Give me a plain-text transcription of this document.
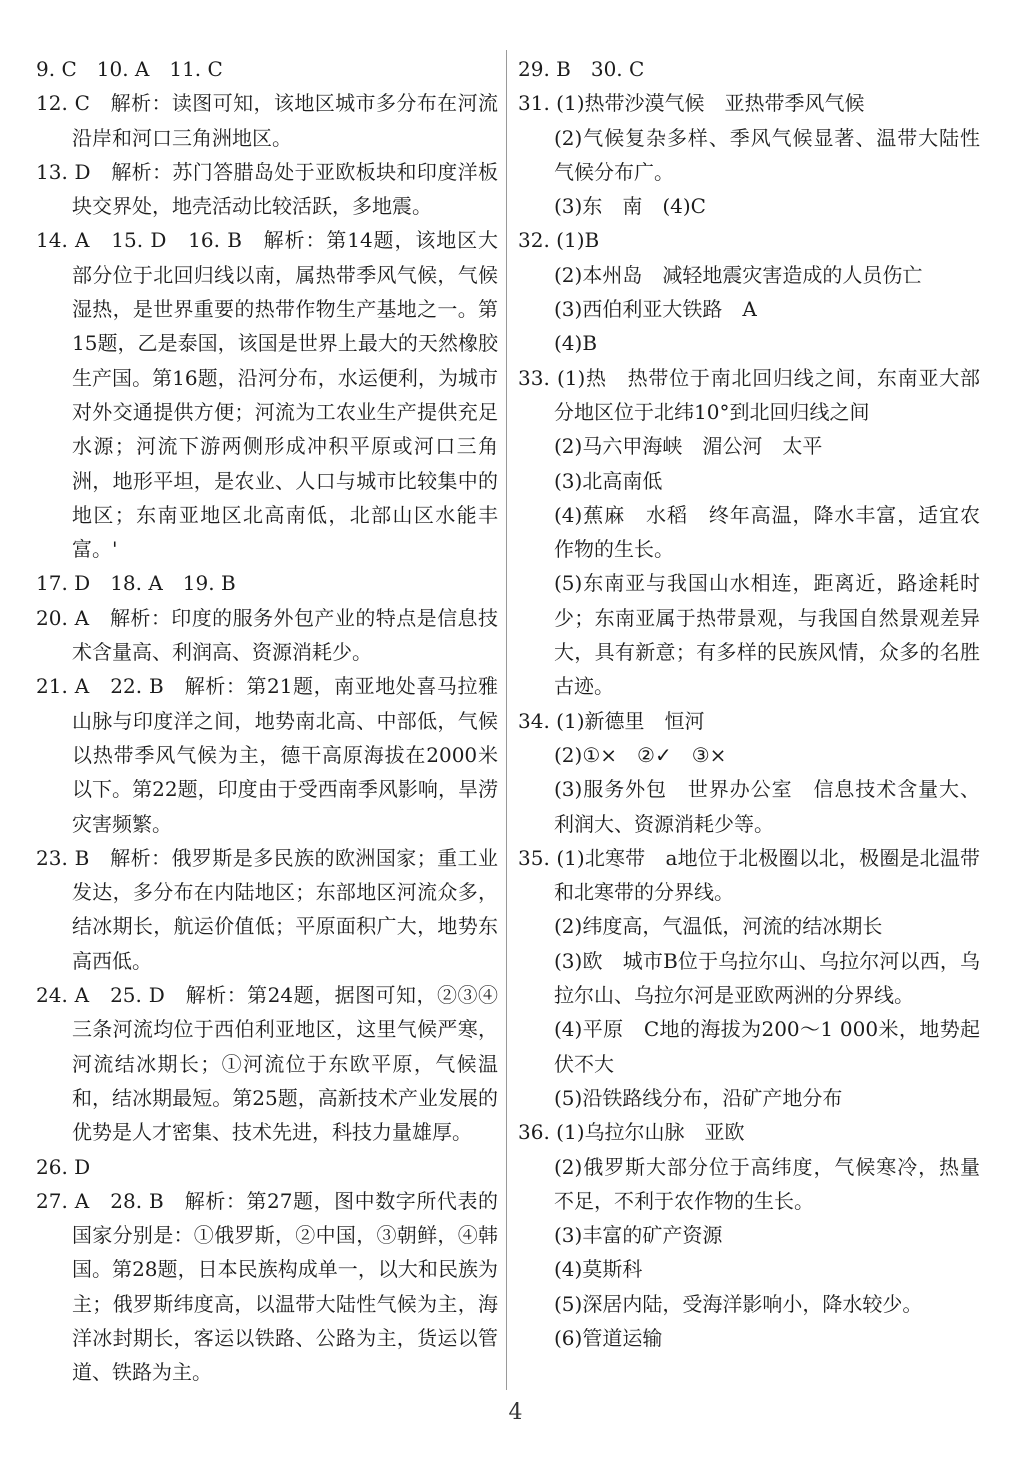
9. C　10. A　11. C
12. C　解析：读图可知，该地区城市多分布在河流沿岸和河口三角洲地区。
13. D　解析：苏门答腊岛处于亚欧板块和印度洋板块交界处，地壳活动比较活跃，多地震。
14. A　15. D　16. B　解析：第14题，该地区大部分位于北回归线以南，属热带季风气候，气候湿热，是世界重要的热带作物生产基地之一。第15题，乙是泰国，该国是世界上最大的天然橡胶生产国。第16题，沿河分布，水运便利，为城市对外交通提供方便；河流为工农业生产提供充足水源；河流下游两侧形成冲积平原或河口三角洲，地形平坦，是农业、人口与城市比较集中的地区；东南亚地区北高南低，北部山区水能丰富。'
17. D　18. A　19. B
20. A　解析：印度的服务外包产业的特点是信息技术含量高、利润高、资源消耗少。
21. A　22. B　解析：第21题，南亚地处喜马拉雅山脉与印度洋之间，地势南北高、中部低，气候以热带季风气候为主，德干高原海拔在2000米以下。第22题，印度由于受西南季风影响，旱涝灾害频繁。
23. B　解析：俄罗斯是多民族的欧洲国家；重工业发达，多分布在内陆地区；东部地区河流众多，结冰期长，航运价值低；平原面积广大，地势东高西低。
24. A　25. D　解析：第24题，据图可知，②③④三条河流均位于西伯利亚地区，这里气候严寒，河流结冰期长；①河流位于东欧平原，气候温和，结冰期最短。第25题，高新技术产业发展的优势是人才密集、技术先进，科技力量雄厚。
26. D
27. A　28. B　解析：第27题，图中数字所代表的国家分别是：①俄罗斯，②中国，③朝鲜，④韩国。第28题，日本民族构成单一，以大和民族为主；俄罗斯纬度高，以温带大陆性气候为主，海洋冰封期长，客运以铁路、公路为主，货运以管道、铁路为主。
29. B　30. C
31. (1)热带沙漠气候　亚热带季风气候
(2)气候复杂多样、季风气候显著、温带大陆性气候分布广。
(3)东　南　(4)C
32. (1)B
(2)本州岛　减轻地震灾害造成的人员伤亡
(3)西伯利亚大铁路　A
(4)B
33. (1)热　热带位于南北回归线之间，东南亚大部分地区位于北纬10°到北回归线之间
(2)马六甲海峡　湄公河　太平
(3)北高南低
(4)蕉麻　水稻　终年高温，降水丰富，适宜农作物的生长。
(5)东南亚与我国山水相连，距离近，路途耗时少；东南亚属于热带景观，与我国自然景观差异大，具有新意；有多样的民族风情，众多的名胜古迹。
34. (1)新德里　恒河
(2)①×　②✓　③×
(3)服务外包　世界办公室　信息技术含量大、利润大、资源消耗少等。
35. (1)北寒带　a地位于北极圈以北，极圈是北温带和北寒带的分界线。
(2)纬度高，气温低，河流的结冰期长
(3)欧　城市B位于乌拉尔山、乌拉尔河以西，乌拉尔山、乌拉尔河是亚欧两洲的分界线。
(4)平原　C地的海拔为200～1 000米，地势起伏不大
(5)沿铁路线分布，沿矿产地分布
36. (1)乌拉尔山脉　亚欧
(2)俄罗斯大部分位于高纬度，气候寒冷，热量不足，不利于农作物的生长。
(3)丰富的矿产资源
(4)莫斯科
(5)深居内陆，受海洋影响小，降水较少。
(6)管道运输
4
